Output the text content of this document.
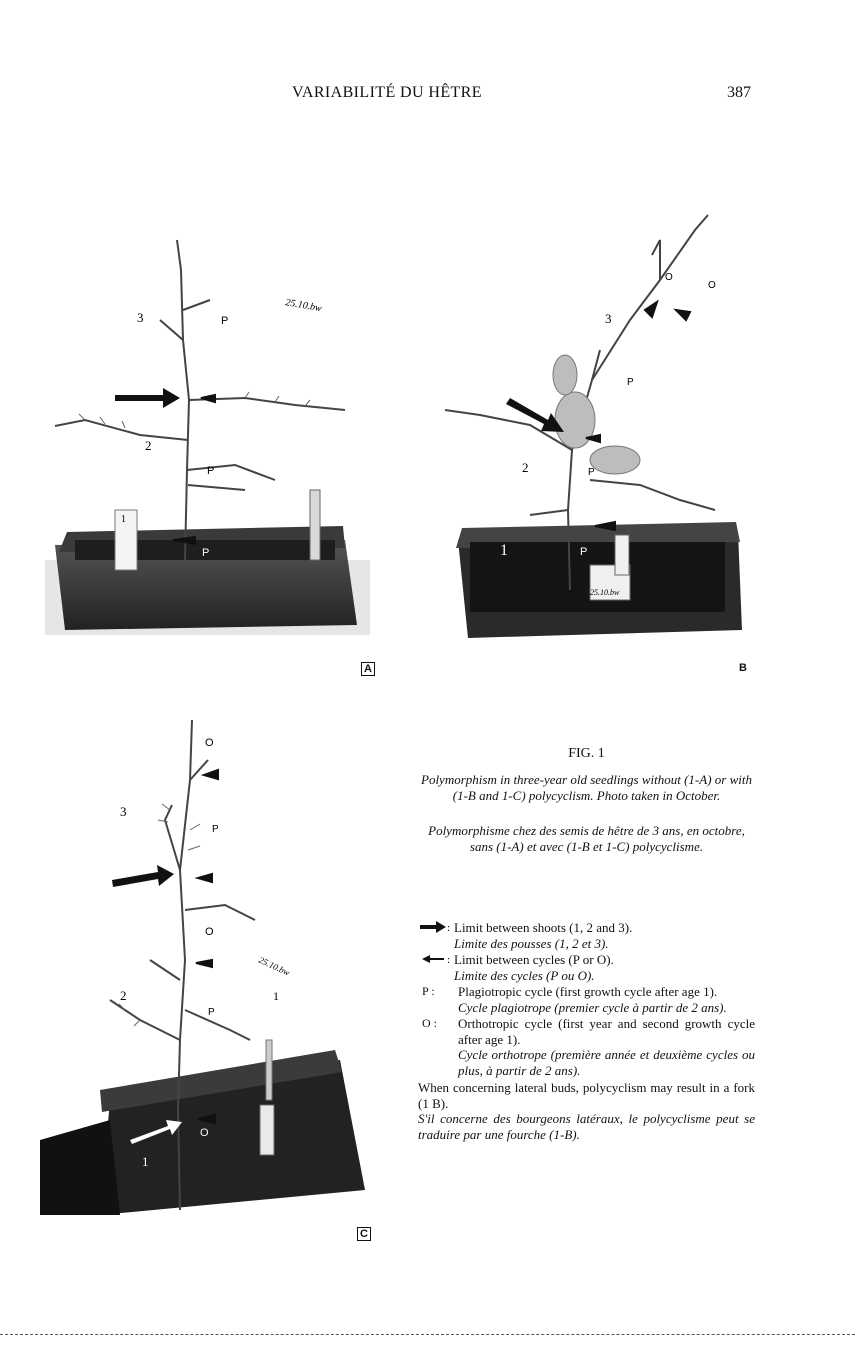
VARIABILITÉ DU HÊTRE	387
3
2
P
P
P
1
25.10.bw
A
3
2
O
O
P
P
P
1
25.10.bw
B
3
2
1
O
O
O
P
P
1
25.10.bw
C
FIG. 1
Polymorphism in three-year old seedlings without (1-A) or with (1-B and 1-C) polycyclism. Photo taken in October.
Polymorphisme chez des semis de hêtre de 3 ans, en octobre, sans (1-A) et avec (1-B et 1-C) polycyclisme.
: Limit between shoots (1, 2 and 3).
Limite des pousses (1, 2 et 3).
: Limit between cycles (P or O).
Limite des cycles (P ou O).
P :	Plagiotropic cycle (first growth cycle after age 1).
Cycle plagiotrope (premier cycle à partir de 2 ans).
O :	Orthotropic cycle (first year and second growth cycle after age 1).
Cycle orthotrope (première année et deuxième cycles ou plus, à partir de 2 ans).
When concerning lateral buds, polycyclism may result in a fork (1 B).
S'il concerne des bourgeons latéraux, le polycyclisme peut se traduire par une fourche (1-B).
